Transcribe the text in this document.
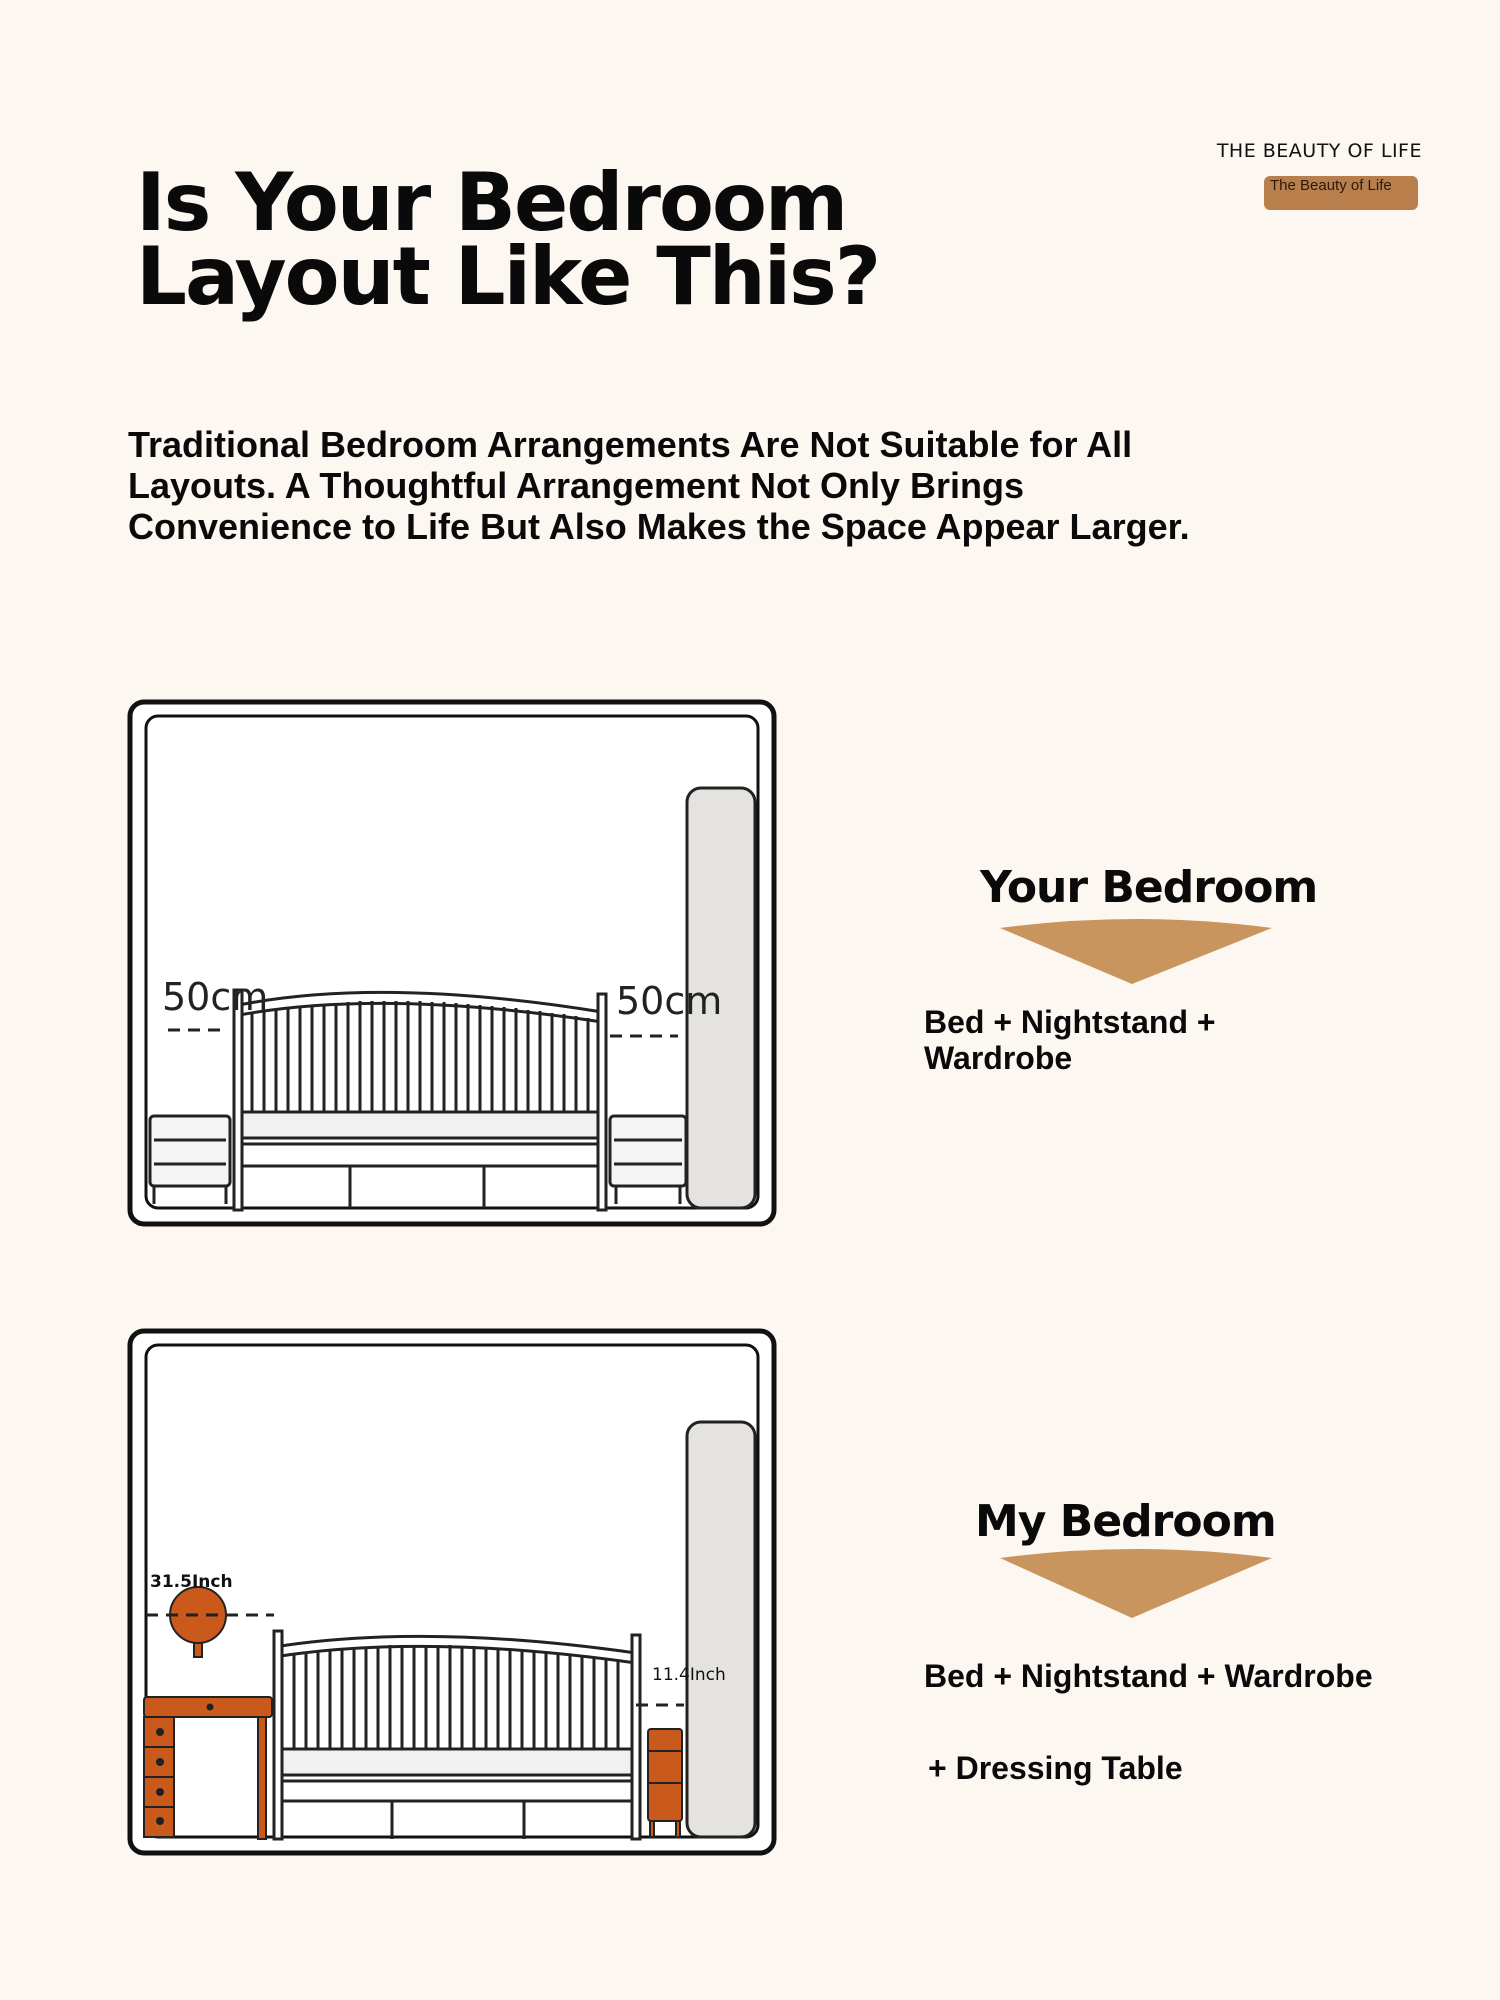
THE BEAUTY OF LIFE
The Beauty of Life
Is Your Bedroom
Layout Like This?

Traditional Bedroom Arrangements Are Not Suitable for All
Layouts. A Thoughtful Arrangement Not Only Brings
Convenience to Life But Also Makes the Space Appear Larger.

50cm	50cm
Your Bedroom

Bed + Nightstand +
Wardrobe

31.5Inch
11.4Inch
My Bedroom

Bed + Nightstand + Wardrobe

+ Dressing Table
